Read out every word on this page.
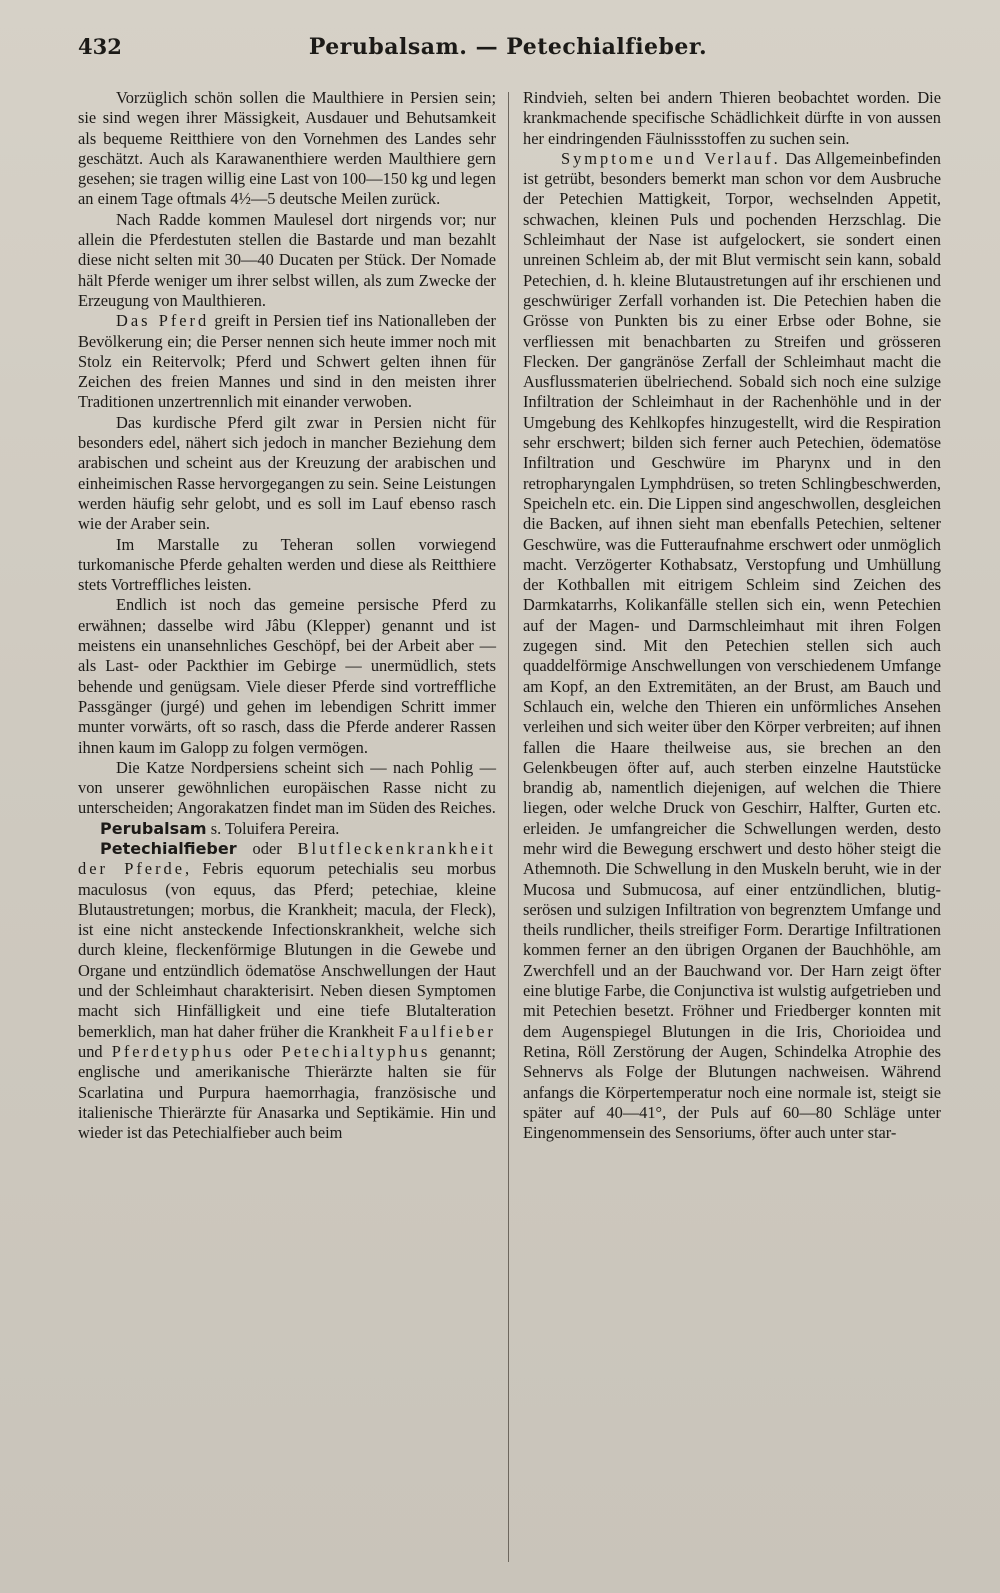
432	Perubalsam. — Petechialfieber.

Vorzüglich schön sollen die Maulthiere in Persien sein; sie sind wegen ihrer Mässigkeit, Ausdauer und Behutsamkeit als bequeme Reitthiere von den Vornehmen des Landes sehr geschätzt. Auch als Karawanenthiere werden Maulthiere gern gesehen; sie tragen willig eine Last von 100—150 kg und legen an einem Tage oftmals 4½—5 deutsche Meilen zurück.

Nach Radde kommen Maulesel dort nirgends vor; nur allein die Pferdestuten stellen die Bastarde und man bezahlt diese nicht selten mit 30—40 Ducaten per Stück. Der Nomade hält Pferde weniger um ihrer selbst willen, als zum Zwecke der Erzeugung von Maulthieren.

Das Pferd greift in Persien tief ins Nationalleben der Bevölkerung ein; die Perser nennen sich heute immer noch mit Stolz ein Reitervolk; Pferd und Schwert gelten ihnen für Zeichen des freien Mannes und sind in den meisten ihrer Traditionen unzertrennlich mit einander verwoben.

Das kurdische Pferd gilt zwar in Persien nicht für besonders edel, nähert sich jedoch in mancher Beziehung dem arabischen und scheint aus der Kreuzung der arabischen und einheimischen Rasse hervorgegangen zu sein. Seine Leistungen werden häufig sehr gelobt, und es soll im Lauf ebenso rasch wie der Araber sein.

Im Marstalle zu Teheran sollen vorwiegend turkomanische Pferde gehalten werden und diese als Reitthiere stets Vortreffliches leisten.

Endlich ist noch das gemeine persische Pferd zu erwähnen; dasselbe wird Jâbu (Klepper) genannt und ist meistens ein unansehnliches Geschöpf, bei der Arbeit aber — als Last- oder Packthier im Gebirge — unermüdlich, stets behende und genügsam. Viele dieser Pferde sind vortreffliche Passgänger (jurgé) und gehen im lebendigen Schritt immer munter vorwärts, oft so rasch, dass die Pferde anderer Rassen ihnen kaum im Galopp zu folgen vermögen.

Die Katze Nordpersiens scheint sich — nach Pohlig — von unserer gewöhnlichen europäischen Rasse nicht zu unterscheiden; Angorakatzen findet man im Süden des Reiches.

Perubalsam s. Toluifera Pereira.

Petechialfieber oder Blutfleckenkrankheit der Pferde, Febris equorum petechialis seu morbus maculosus (von equus, das Pferd; petechiae, kleine Blutaustretungen; morbus, die Krankheit; macula, der Fleck), ist eine nicht ansteckende Infectionskrankheit, welche sich durch kleine, fleckenförmige Blutungen in die Gewebe und Organe und entzündlich ödematöse Anschwellungen der Haut und der Schleimhaut charakterisirt. Neben diesen Symptomen macht sich Hinfälligkeit und eine tiefe Blutalteration bemerklich, man hat daher früher die Krankheit Faulfieber und Pferdetyphus oder Petechialtyphus genannt; englische und amerikanische Thierärzte halten sie für Scarlatina und Purpura haemorrhagia, französische und italienische Thierärzte für Anasarka und Septikämie. Hin und wieder ist das Petechialfieber auch beim

Rindvieh, selten bei andern Thieren beobachtet worden. Die krankmachende specifische Schädlichkeit dürfte in von aussen her eindringenden Fäulnissstoffen zu suchen sein.

Symptome und Verlauf. Das Allgemeinbefinden ist getrübt, besonders bemerkt man schon vor dem Ausbruche der Petechien Mattigkeit, Torpor, wechselnden Appetit, schwachen, kleinen Puls und pochenden Herzschlag. Die Schleimhaut der Nase ist aufgelockert, sie sondert einen unreinen Schleim ab, der mit Blut vermischt sein kann, sobald Petechien, d. h. kleine Blutaustretungen auf ihr erschienen und geschwüriger Zerfall vorhanden ist. Die Petechien haben die Grösse von Punkten bis zu einer Erbse oder Bohne, sie verfliessen mit benachbarten zu Streifen und grösseren Flecken. Der gangränöse Zerfall der Schleimhaut macht die Ausflussmaterien übelriechend. Sobald sich noch eine sulzige Infiltration der Schleimhaut in der Rachenhöhle und in der Umgebung des Kehlkopfes hinzugestellt, wird die Respiration sehr erschwert; bilden sich ferner auch Petechien, ödematöse Infiltration und Geschwüre im Pharynx und in den retropharyngalen Lymphdrüsen, so treten Schlingbeschwerden, Speicheln etc. ein. Die Lippen sind angeschwollen, desgleichen die Backen, auf ihnen sieht man ebenfalls Petechien, seltener Geschwüre, was die Futteraufnahme erschwert oder unmöglich macht. Verzögerter Kothabsatz, Verstopfung und Umhüllung der Kothballen mit eitrigem Schleim sind Zeichen des Darmkatarrhs, Kolikanfälle stellen sich ein, wenn Petechien auf der Magen- und Darmschleimhaut mit ihren Folgen zugegen sind. Mit den Petechien stellen sich auch quaddelförmige Anschwellungen von verschiedenem Umfange am Kopf, an den Extremitäten, an der Brust, am Bauch und Schlauch ein, welche den Thieren ein unförmliches Ansehen verleihen und sich weiter über den Körper verbreiten; auf ihnen fallen die Haare theilweise aus, sie brechen an den Gelenkbeugen öfter auf, auch sterben einzelne Hautstücke brandig ab, namentlich diejenigen, auf welchen die Thiere liegen, oder welche Druck von Geschirr, Halfter, Gurten etc. erleiden. Je umfangreicher die Schwellungen werden, desto mehr wird die Bewegung erschwert und desto höher steigt die Athemnoth. Die Schwellung in den Muskeln beruht, wie in der Mucosa und Submucosa, auf einer entzündlichen, blutig-serösen und sulzigen Infiltration von begrenztem Umfange und theils rundlicher, theils streifiger Form. Derartige Infiltrationen kommen ferner an den übrigen Organen der Bauchhöhle, am Zwerchfell und an der Bauchwand vor. Der Harn zeigt öfter eine blutige Farbe, die Conjunctiva ist wulstig aufgetrieben und mit Petechien besetzt. Fröhner und Friedberger konnten mit dem Augenspiegel Blutungen in die Iris, Chorioidea und Retina, Röll Zerstörung der Augen, Schindelka Atrophie des Sehnervs als Folge der Blutungen nachweisen. Während anfangs die Körpertemperatur noch eine normale ist, steigt sie später auf 40—41°, der Puls auf 60—80 Schläge unter Eingenommensein des Sensoriums, öfter auch unter star-
